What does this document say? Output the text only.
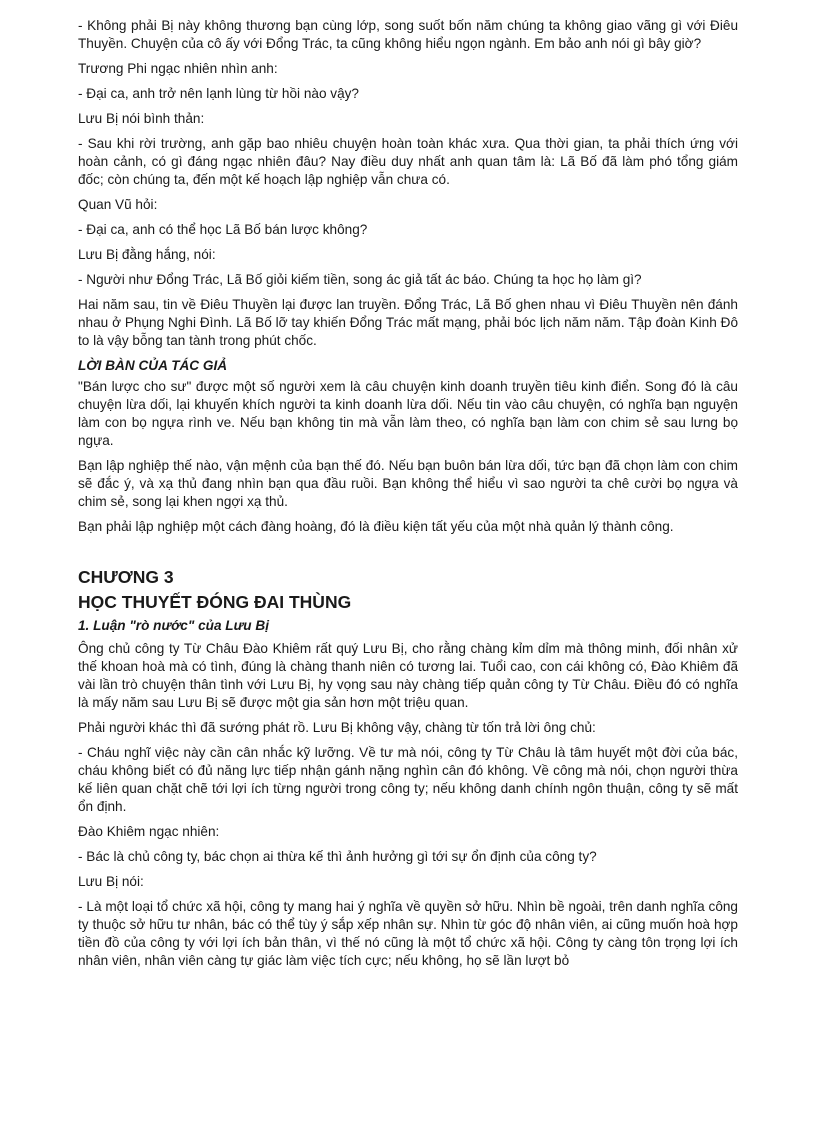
- Không phải Bị này không thương bạn cùng lớp, song suốt bốn năm chúng ta không giao vãng gì với Điêu Thuyền. Chuyện của cô ấy với Đổng Trác, ta cũng không hiểu ngọn ngành. Em bảo anh nói gì bây giờ?

Trương Phi ngạc nhiên nhìn anh:

- Đại ca, anh trở nên lạnh lùng từ hồi nào vậy?

Lưu Bị nói bình thản:

- Sau khi rời trường, anh gặp bao nhiêu chuyện hoàn toàn khác xưa. Qua thời gian, ta phải thích ứng với hoàn cảnh, có gì đáng ngạc nhiên đâu? Nay điều duy nhất anh quan tâm là: Lã Bố đã làm phó tổng giám đốc; còn chúng ta, đến một kế hoạch lập nghiệp vẫn chưa có.

Quan Vũ hỏi:

- Đại ca, anh có thể học Lã Bố bán lược không?

Lưu Bị đằng hắng, nói:

- Người như Đổng Trác, Lã Bố giỏi kiếm tiền, song ác giả tất ác báo. Chúng ta học họ làm gì?

Hai năm sau, tin về Điêu Thuyền lại được lan truyền. Đổng Trác, Lã Bố ghen nhau vì Điêu Thuyền nên đánh nhau ở Phụng Nghi Đình. Lã Bố lỡ tay khiến Đổng Trác mất mạng, phải bóc lịch năm năm. Tập đoàn Kinh Đô to là vậy bỗng tan tành trong phút chốc.

LỜI BÀN CỦA TÁC GIẢ

"Bán lược cho sư" được một số người xem là câu chuyện kinh doanh truyền tiêu kinh điển. Song đó là câu chuyện lừa dối, lại khuyến khích người ta kinh doanh lừa dối. Nếu tin vào câu chuyện, có nghĩa bạn nguyện làm con bọ ngựa rình ve. Nếu bạn không tin mà vẫn làm theo, có nghĩa bạn làm con chim sẻ sau lưng bọ ngựa.

Bạn lập nghiệp thế nào, vận mệnh của bạn thế đó. Nếu bạn buôn bán lừa dối, tức bạn đã chọn làm con chim sẽ đắc ý, và xạ thủ đang nhìn bạn qua đầu ruồi. Bạn không thể hiểu vì sao người ta chê cười bọ ngựa và chim sẻ, song lại khen ngợi xạ thủ.

Bạn phải lập nghiệp một cách đàng hoàng, đó là điều kiện tất yếu của một nhà quản lý thành công.

CHƯƠNG 3
HỌC THUYẾT ĐÓNG ĐAI THÙNG
1. Luận "rò nước" của Lưu Bị

Ông chủ công ty Từ Châu Đào Khiêm rất quý Lưu Bị, cho rằng chàng kỉm dỉm mà thông minh, đối nhân xử thế khoan hoà mà có tình, đúng là chàng thanh niên có tương lai. Tuổi cao, con cái không có, Đào Khiêm đã vài lần trò chuyện thân tình với Lưu Bị, hy vọng sau này chàng tiếp quản công ty Từ Châu. Điều đó có nghĩa là mấy năm sau Lưu Bị sẽ được một gia sản hơn một triệu quan.

Phải người khác thì đã sướng phát rồ. Lưu Bị không vậy, chàng từ tốn trả lời ông chủ:

- Cháu nghĩ việc này cần cân nhắc kỹ lưỡng. Về tư mà nói, công ty Từ Châu là tâm huyết một đời của bác, cháu không biết có đủ năng lực tiếp nhận gánh nặng nghìn cân đó không. Về công mà nói, chọn người thừa kế liên quan chặt chẽ tới lợi ích từng người trong công ty; nếu không danh chính ngôn thuận, công ty sẽ mất ổn định.

Đào Khiêm ngạc nhiên:

- Bác là chủ công ty, bác chọn ai thừa kế thì ảnh hưởng gì tới sự ổn định của công ty?

Lưu Bị nói:

- Là một loại tổ chức xã hội, công ty mang hai ý nghĩa về quyền sở hữu. Nhìn bề ngoài, trên danh nghĩa công ty thuộc sở hữu tư nhân, bác có thể tùy ý sắp xếp nhân sự. Nhìn từ góc độ nhân viên, ai cũng muốn hoà hợp tiền đồ của công ty với lợi ích bản thân, vì thế nó cũng là một tổ chức xã hội. Công ty càng tôn trọng lợi ích nhân viên, nhân viên càng tự giác làm việc tích cực; nếu không, họ sẽ lần lượt bỏ
